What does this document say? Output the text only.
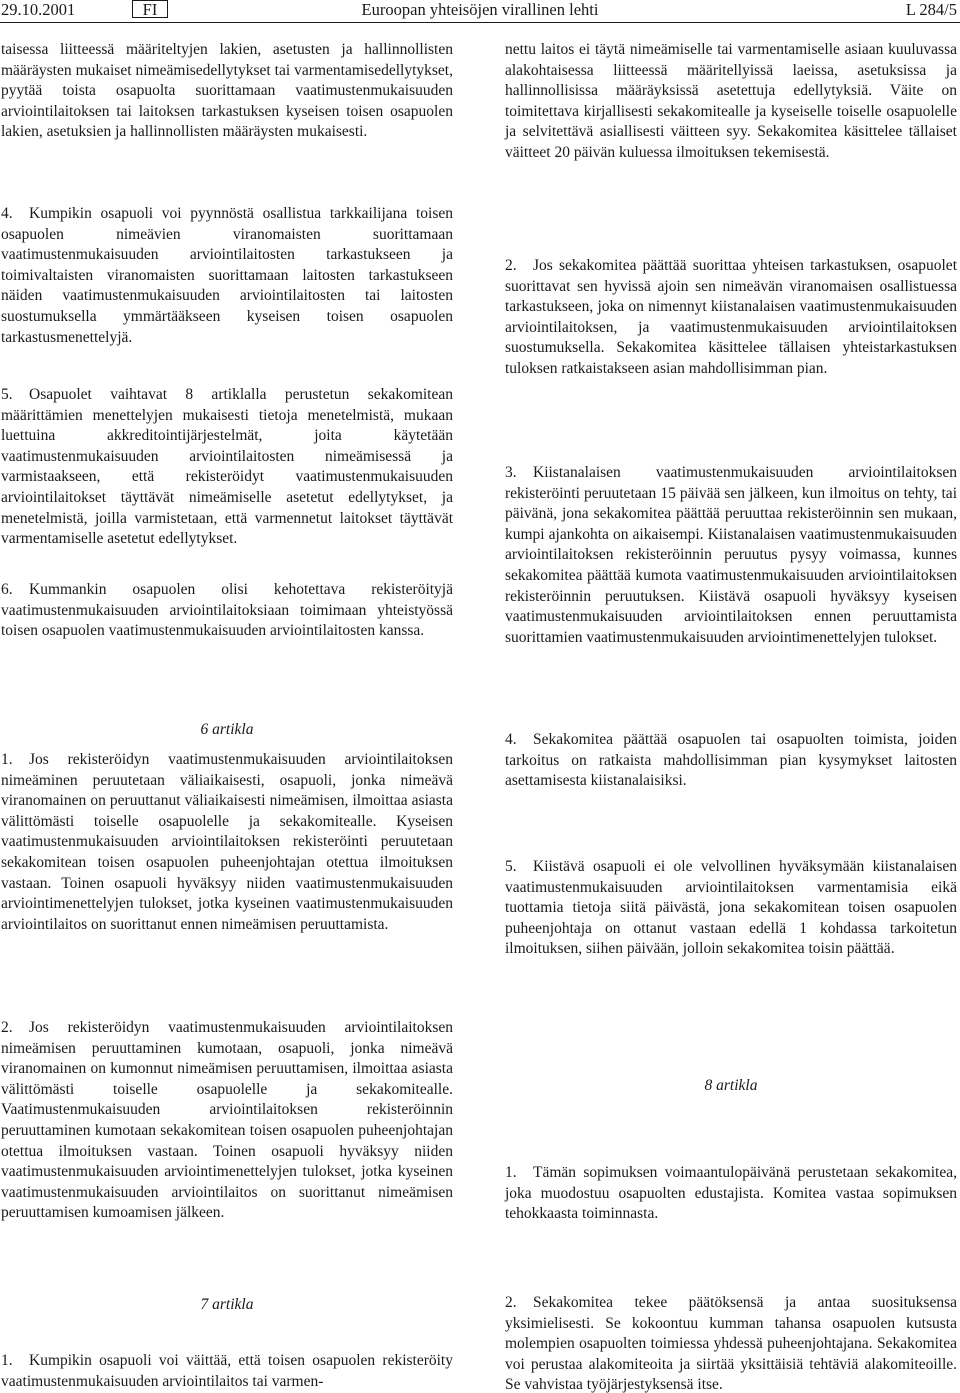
29.10.2001	FI	Euroopan yhteisöjen virallinen lehti	L 284/5

taisessa liitteessä määriteltyjen lakien, asetusten ja hallinnollisten määräysten mukaiset nimeämisedellytykset tai varmentamisedellytykset, pyytää toista osapuolta suorittamaan vaatimustenmukaisuuden arviointilaitoksen tai laitoksen tarkastuksen kyseisen toisen osapuolen lakien, asetuksien ja hallinnollisten määräysten mukaisesti.

4. Kumpikin osapuoli voi pyynnöstä osallistua tarkkailijana toisen osapuolen nimeävien viranomaisten suorittamaan vaatimustenmukaisuuden arviointilaitosten tarkastukseen ja toimivaltaisten viranomaisten suorittamaan laitosten tarkastukseen näiden vaatimustenmukaisuuden arviointilaitosten tai laitosten suostumuksella ymmärtääkseen kyseisen toisen osapuolen tarkastusmenettelyjä.

5. Osapuolet vaihtavat 8 artiklalla perustetun sekakomitean määrittämien menettelyjen mukaisesti tietoja menetelmistä, mukaan luettuina akkreditointijärjestelmät, joita käytetään vaatimustenmukaisuuden arviointilaitosten nimeämisessä ja varmistaakseen, että rekisteröidyt vaatimustenmukaisuuden arviointilaitokset täyttävät nimeämiselle asetetut edellytykset, ja menetelmistä, joilla varmistetaan, että varmennetut laitokset täyttävät varmentamiselle asetetut edellytykset.

6. Kummankin osapuolen olisi kehotettava rekisteröityjä vaatimustenmukaisuuden arviointilaitoksiaan toimimaan yhteistyössä toisen osapuolen vaatimustenmukaisuuden arviointilaitosten kanssa.

6 artikla

1. Jos rekisteröidyn vaatimustenmukaisuuden arviointilaitoksen nimeäminen peruutetaan väliaikaisesti, osapuoli, jonka nimeävä viranomainen on peruuttanut väliaikaisesti nimeämisen, ilmoittaa asiasta välittömästi toiselle osapuolelle ja sekakomitealle. Kyseisen vaatimustenmukaisuuden arviointilaitoksen rekisteröinti peruutetaan sekakomitean toisen osapuolen puheenjohtajan otettua ilmoituksen vastaan. Toinen osapuoli hyväksyy niiden vaatimustenmukaisuuden arviointimenettelyjen tulokset, jotka kyseinen vaatimustenmukaisuuden arviointilaitos on suorittanut ennen nimeämisen peruuttamista.

2. Jos rekisteröidyn vaatimustenmukaisuuden arviointilaitoksen nimeämisen peruuttaminen kumotaan, osapuoli, jonka nimeävä viranomainen on kumonnut nimeämisen peruuttamisen, ilmoittaa asiasta välittömästi toiselle osapuolelle ja sekakomitealle. Vaatimustenmukaisuuden arviointilaitoksen rekisteröinnin peruuttaminen kumotaan sekakomitean toisen osapuolen puheenjohtajan otettua ilmoituksen vastaan. Toinen osapuoli hyväksyy niiden vaatimustenmukaisuuden arviointimenettelyjen tulokset, jotka kyseinen vaatimustenmukaisuuden arviointilaitos on suorittanut nimeämisen peruuttamisen kumoamisen jälkeen.

7 artikla

1. Kumpikin osapuoli voi väittää, että toisen osapuolen rekisteröity vaatimustenmukaisuuden arviointilaitos tai varmen-

nettu laitos ei täytä nimeämiselle tai varmentamiselle asiaan kuuluvassa alakohtaisessa liitteessä määritellyissä laeissa, asetuksissa ja hallinnollisissa määräyksissä asetettuja edellytyksiä. Väite on toimitettava kirjallisesti sekakomitealle ja kyseiselle toiselle osapuolelle ja selvitettävä asiallisesti väitteen syy. Sekakomitea käsittelee tällaiset väitteet 20 päivän kuluessa ilmoituksen tekemisestä.

2. Jos sekakomitea päättää suorittaa yhteisen tarkastuksen, osapuolet suorittavat sen hyvissä ajoin sen nimeävän viranomaisen osallistuessa tarkastukseen, joka on nimennyt kiistanalaisen vaatimustenmukaisuuden arviointilaitoksen, ja vaatimustenmukaisuuden arviointilaitoksen suostumuksella. Sekakomitea käsittelee tällaisen yhteistarkastuksen tuloksen ratkaistakseen asian mahdollisimman pian.

3. Kiistanalaisen vaatimustenmukaisuuden arviointilaitoksen rekisteröinti peruutetaan 15 päivää sen jälkeen, kun ilmoitus on tehty, tai päivänä, jona sekakomitea päättää peruuttaa rekisteröinnin sen mukaan, kumpi ajankohta on aikaisempi. Kiistanalaisen vaatimustenmukaisuuden arviointilaitoksen rekisteröinnin peruutus pysyy voimassa, kunnes sekakomitea päättää kumota vaatimustenmukaisuuden arviointilaitoksen rekisteröinnin peruutuksen. Kiistävä osapuoli hyväksyy kyseisen vaatimustenmukaisuuden arviointilaitoksen ennen peruuttamista suorittamien vaatimustenmukaisuuden arviointimenettelyjen tulokset.

4. Sekakomitea päättää osapuolen tai osapuolten toimista, joiden tarkoitus on ratkaista mahdollisimman pian kysymykset laitosten asettamisesta kiistanalaisiksi.

5. Kiistävä osapuoli ei ole velvollinen hyväksymään kiistanalaisen vaatimustenmukaisuuden arviointilaitoksen varmentamisia eikä tuottamia tietoja siitä päivästä, jona sekakomitean toisen osapuolen puheenjohtaja on ottanut vastaan edellä 1 kohdassa tarkoitetun ilmoituksen, siihen päivään, jolloin sekakomitea toisin päättää.

8 artikla

1. Tämän sopimuksen voimaantulopäivänä perustetaan sekakomitea, joka muodostuu osapuolten edustajista. Komitea vastaa sopimuksen tehokkaasta toiminnasta.

2. Sekakomitea tekee päätöksensä ja antaa suosituksensa yksimielisesti. Se kokoontuu kumman tahansa osapuolen kutsusta molempien osapuolten toimiessa yhdessä puheenjohtajana. Sekakomitea voi perustaa alakomiteoita ja siirtää yksittäisiä tehtäviä alakomiteoille. Se vahvistaa työjärjestyksensä itse.
